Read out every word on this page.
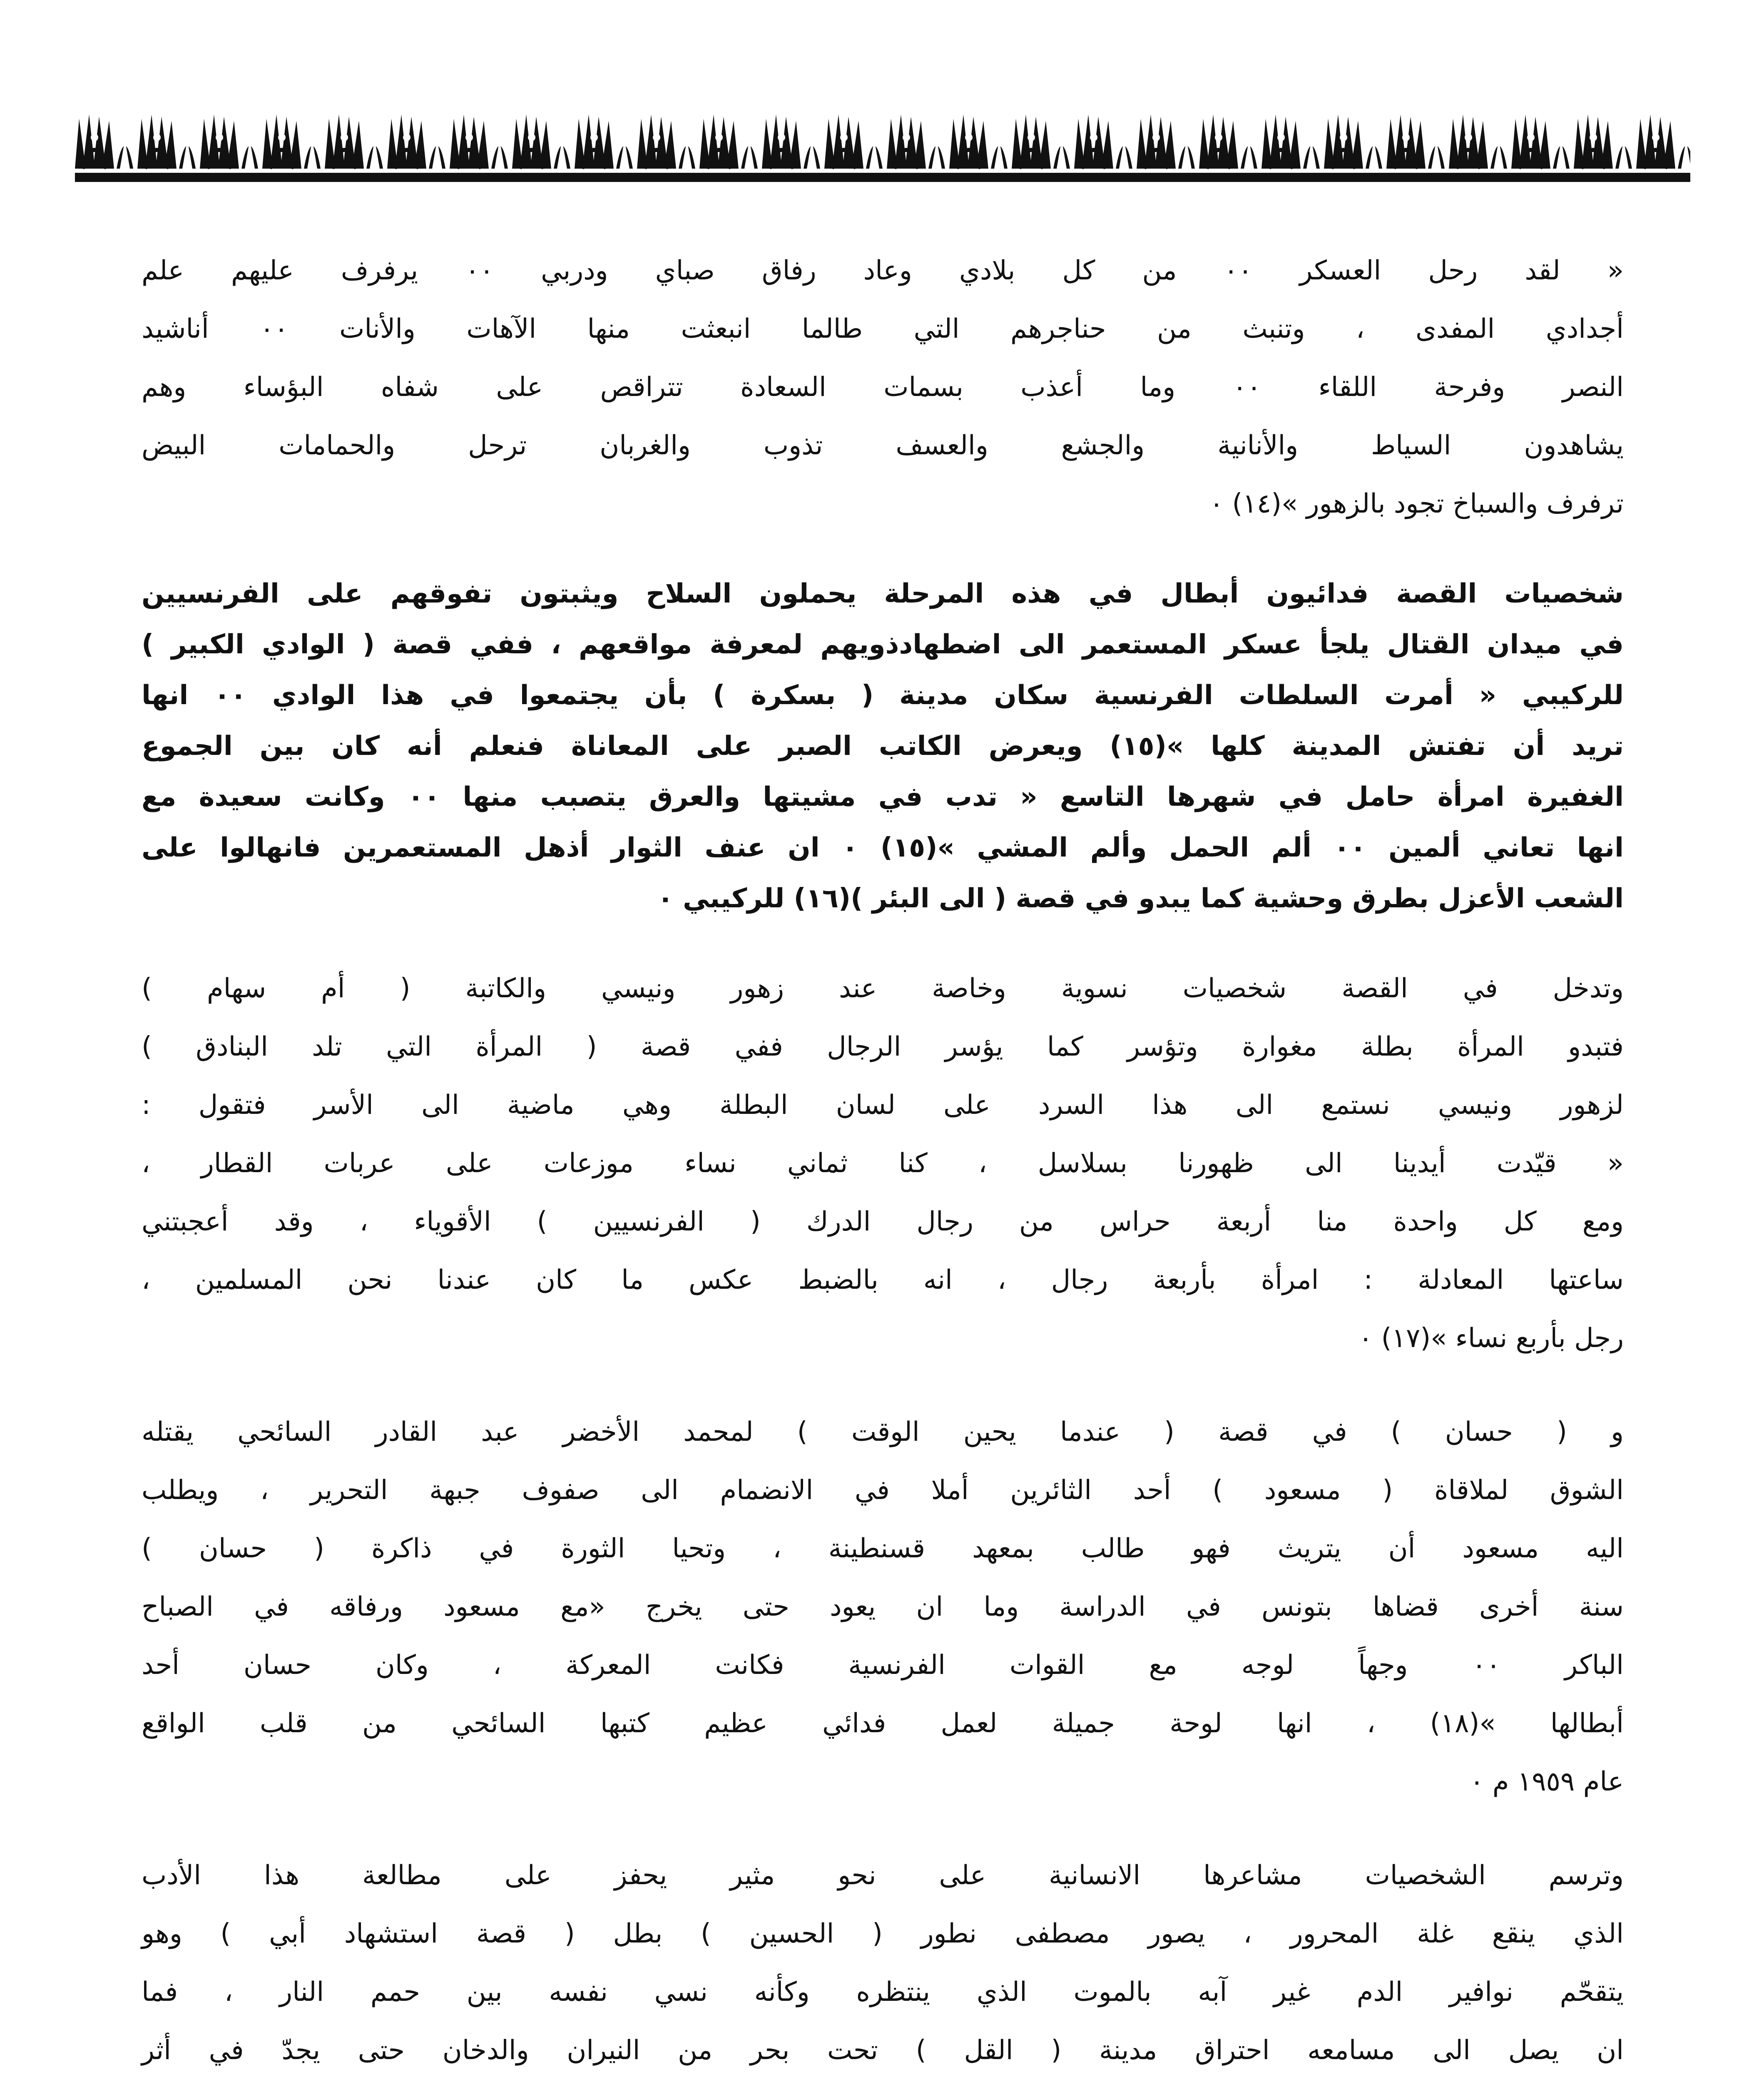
« لقد رحل العسكر ٠٠ من كل بلادي وعاد رفاق صباي ودربي ٠٠ يرفرف عليهم علم
أجدادي المفدى ، وتنبث من حناجرهم التي طالما انبعثت منها الآهات والأنات ٠٠ أناشيد
النصر وفرحة اللقاء ٠٠ وما أعذب بسمات السعادة تتراقص على شفاه البؤساء وهم
يشاهدون السياط والأنانية والجشع والعسف تذوب والغربان ترحل والحمامات البيض
ترفرف والسباخ تجود بالزهور »(١٤) ٠
شخصيات القصة فدائيون أبطال في هذه المرحلة يحملون السلاح ويثبتون تفوقهم على الفرنسيين
في ميدان القتال يلجأ عسكر المستعمر الى اضطهادذويهم لمعرفة مواقعهم ، ففي قصة ( الوادي الكبير )
للركيبي « أمرت السلطات الفرنسية سكان مدينة ( بسكرة ) بأن يجتمعوا في هذا الوادي ٠٠ انها
تريد أن تفتش المدينة كلها »(١٥) ويعرض الكاتب الصبر على المعاناة فنعلم أنه كان بين الجموع
الغفيرة امرأة حامل في شهرها التاسع « تدب في مشيتها والعرق يتصبب منها ٠٠ وكانت سعيدة مع
انها تعاني ألمين ٠٠ ألم الحمل وألم المشي »(١٥) ٠ ان عنف الثوار أذهل المستعمرين فانهالوا على
الشعب الأعزل بطرق وحشية كما يبدو في قصة ( الى البئر )(١٦) للركيبي ٠
وتدخل في القصة شخصيات نسوية وخاصة عند زهور ونيسي والكاتبة ( أم سهام )
فتبدو المرأة بطلة مغوارة وتؤسر كما يؤسر الرجال ففي قصة ( المرأة التي تلد البنادق )
لزهور ونيسي نستمع الى هذا السرد على لسان البطلة وهي ماضية الى الأسر فتقول :
« قيّدت أيدينا الى ظهورنا بسلاسل ، كنا ثماني نساء موزعات على عربات القطار ،
ومع كل واحدة منا أربعة حراس من رجال الدرك ( الفرنسيين ) الأقوياء ، وقد أعجبتني
ساعتها المعادلة : امرأة بأربعة رجال ، انه بالضبط عكس ما كان عندنا نحن المسلمين ،
رجل بأربع نساء »(١٧) ٠
و ( حسان ) في قصة ( عندما يحين الوقت ) لمحمد الأخضر عبد القادر السائحي يقتله
الشوق لملاقاة ( مسعود ) أحد الثائرين أملا في الانضمام الى صفوف جبهة التحرير ، ويطلب
اليه مسعود أن يتريث فهو طالب بمعهد قسنطينة ، وتحيا الثورة في ذاكرة ( حسان )
سنة أخرى قضاها بتونس في الدراسة وما ان يعود حتى يخرج «مع مسعود ورفاقه في الصباح
الباكر ٠٠ وجهاً لوجه مع القوات الفرنسية فكانت المعركة ، وكان حسان أحد
أبطالها »(١٨) ، انها لوحة جميلة لعمل فدائي عظيم كتبها السائحي من قلب الواقع
عام ١٩٥٩ م ٠
وترسم الشخصيات مشاعرها الانسانية على نحو مثير يحفز على مطالعة هذا الأدب
الذي ينقع غلة المحرور ، يصور مصطفى نطور ( الحسين ) بطل ( قصة استشهاد أبي ) وهو
يتقحّم نوافير الدم غير آبه بالموت الذي ينتظره وكأنه نسي نفسه بين حمم النار ، فما
ان يصل الى مسامعه احتراق مدينة ( القل ) تحت بحر من النيران والدخان حتى يجدّ في أثر
